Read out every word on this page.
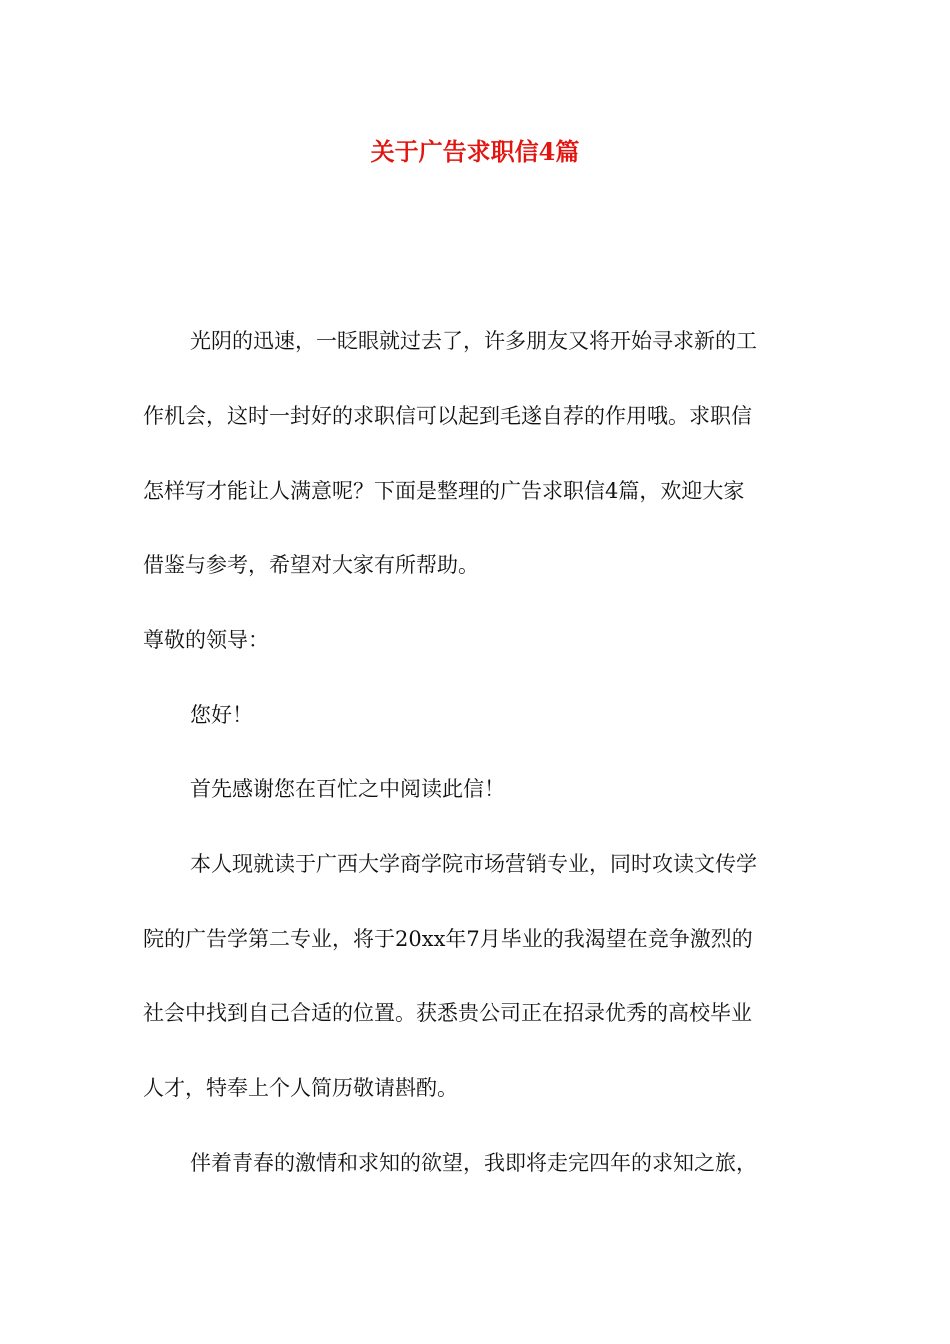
关于广告求职信4篇

光阴的迅速，一眨眼就过去了，许多朋友又将开始寻求新的工

作机会，这时一封好的求职信可以起到毛遂自荐的作用哦。求职信

怎样写才能让人满意呢？下面是整理的广告求职信4篇，欢迎大家

借鉴与参考，希望对大家有所帮助。

尊敬的领导：

您好！

首先感谢您在百忙之中阅读此信！

本人现就读于广西大学商学院市场营销专业，同时攻读文传学

院的广告学第二专业，将于20xx年7月毕业的我渴望在竞争激烈的

社会中找到自己合适的位置。获悉贵公司正在招录优秀的高校毕业

人才，特奉上个人简历敬请斟酌。

伴着青春的激情和求知的欲望，我即将走完四年的求知之旅，
